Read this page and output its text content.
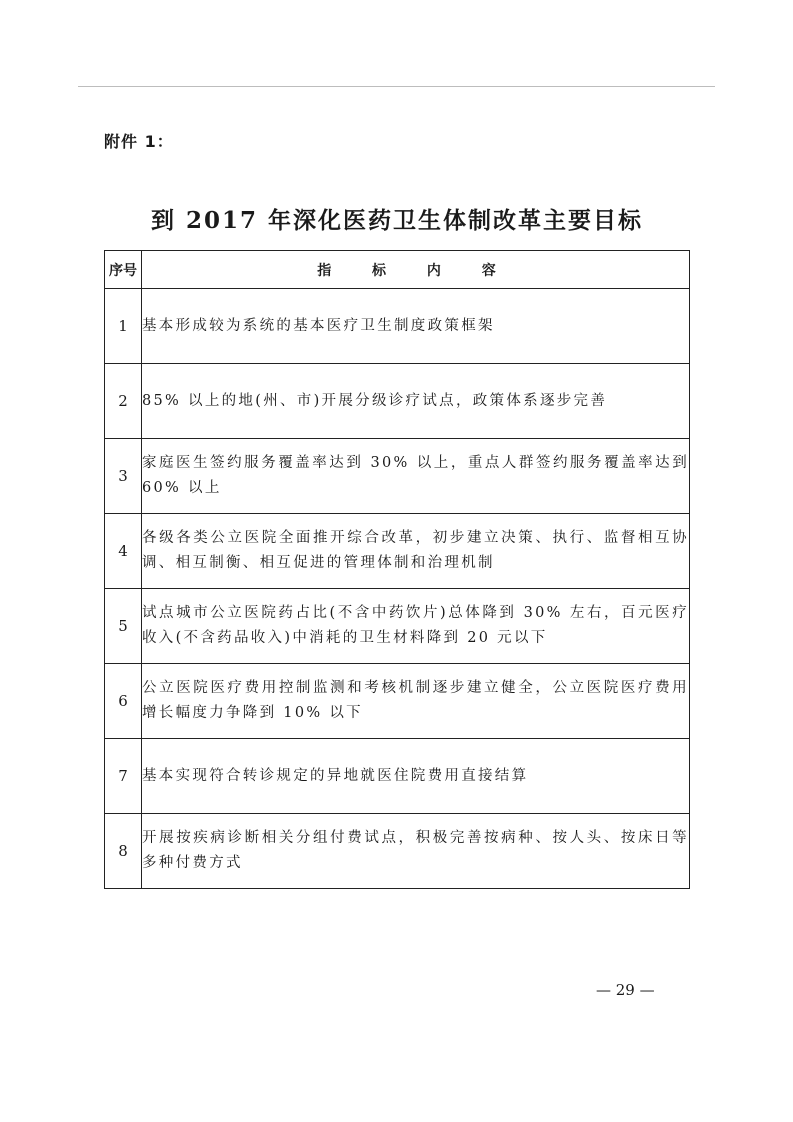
附件 1：
到 2017 年深化医药卫生体制改革主要目标
序号	指 标 内 容
1	基本形成较为系统的基本医疗卫生制度政策框架
2	85% 以上的地(州、市)开展分级诊疗试点，政策体系逐步完善
3	家庭医生签约服务覆盖率达到 30% 以上，重点人群签约服务覆盖率达到 60% 以上
4	各级各类公立医院全面推开综合改革，初步建立决策、执行、监督相互协调、相互制衡、相互促进的管理体制和治理机制
5	试点城市公立医院药占比(不含中药饮片)总体降到 30% 左右，百元医疗收入(不含药品收入)中消耗的卫生材料降到 20 元以下
6	公立医院医疗费用控制监测和考核机制逐步建立健全，公立医院医疗费用增长幅度力争降到 10% 以下
7	基本实现符合转诊规定的异地就医住院费用直接结算
8	开展按疾病诊断相关分组付费试点，积极完善按病种、按人头、按床日等多种付费方式
— 29 —
